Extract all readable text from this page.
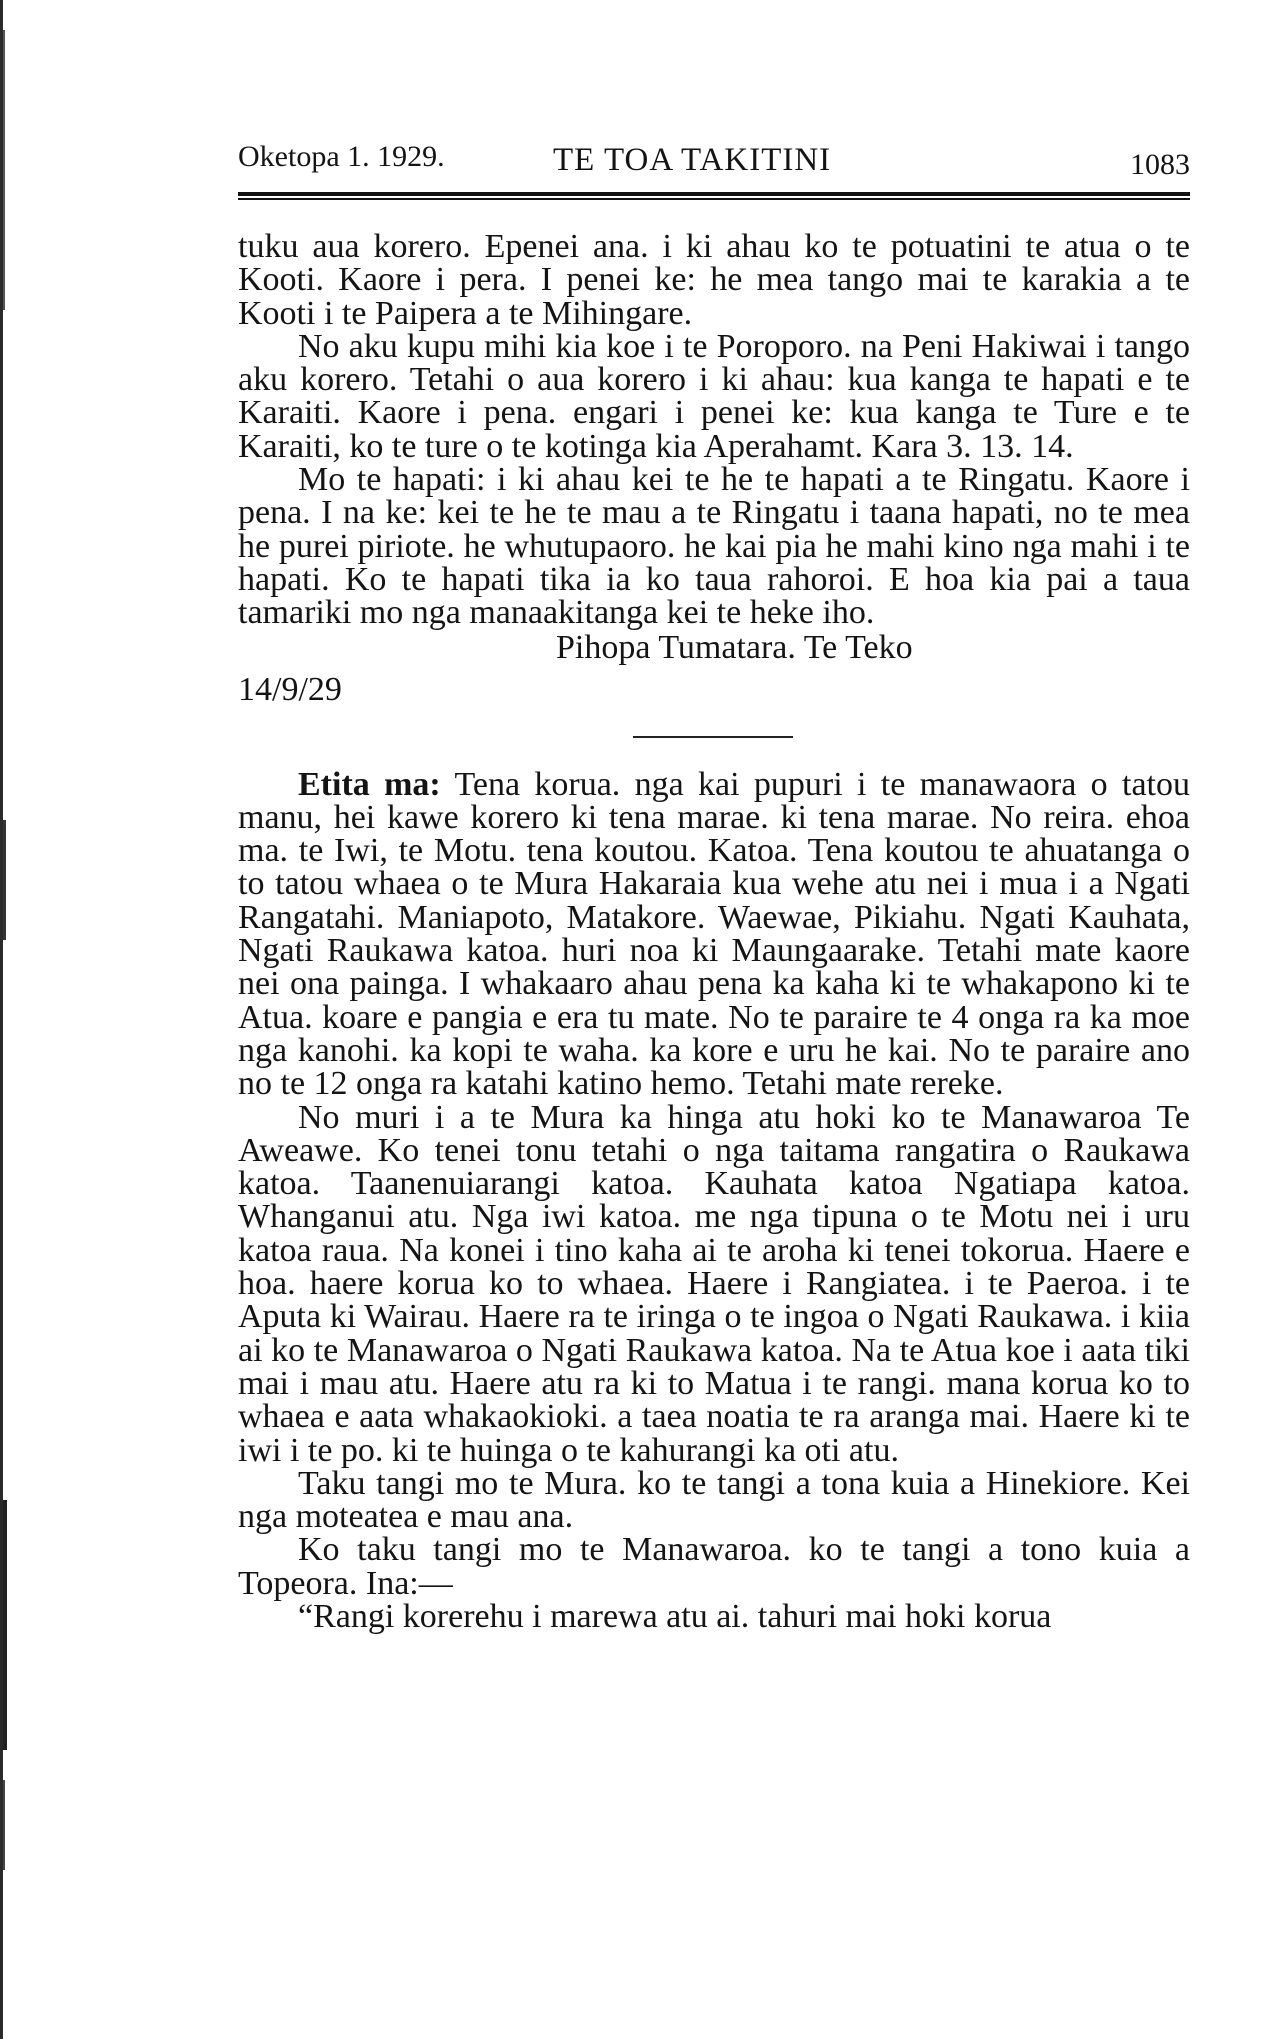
Oketopa 1. 1929.	TE TOA TAKITINI	1083

tuku aua korero. Epenei ana. i ki ahau ko te potuatini te atua o te Kooti. Kaore i pera. I penei ke: he mea tango mai te karakia a te Kooti i te Paipera a te Mihingare.

No aku kupu mihi kia koe i te Poroporo. na Peni Hakiwai i tango aku korero. Tetahi o aua korero i ki ahau: kua kanga te hapati e te Karaiti. Kaore i pena. engari i penei ke: kua kanga te Ture e te Karaiti, ko te ture o te kotinga kia Aperahamt. Kara 3. 13. 14.

Mo te hapati: i ki ahau kei te he te hapati a te Ringatu. Kaore i pena. I na ke: kei te he te mau a te Ringatu i taana hapati, no te mea he purei piriote. he whutupaoro. he kai pia he mahi kino nga mahi i te hapati. Ko te hapati tika ia ko taua rahoroi. E hoa kia pai a taua tamariki mo nga manaakitanga kei te heke iho.

Pihopa Tumatara. Te Teko

14/9/29

Etita ma: Tena korua. nga kai pupuri i te manawaora o tatou manu, hei kawe korero ki tena marae. ki tena marae. No reira. ehoa ma. te Iwi, te Motu. tena koutou. Katoa. Tena koutou te ahuatanga o to tatou whaea o te Mura Hakaraia kua wehe atu nei i mua i a Ngati Rangatahi. Maniapoto, Matakore. Waewae, Pikiahu. Ngati Kauhata, Ngati Raukawa katoa. huri noa ki Maungaarake. Tetahi mate kaore nei ona painga. I whakaaro ahau pena ka kaha ki te whakapono ki te Atua. koare e pangia e era tu mate. No te paraire te 4 onga ra ka moe nga kanohi. ka kopi te waha. ka kore e uru he kai. No te paraire ano no te 12 onga ra katahi katino hemo. Tetahi mate rereke.

No muri i a te Mura ka hinga atu hoki ko te Manawaroa Te Aweawe. Ko tenei tonu tetahi o nga taitama rangatira o Raukawa katoa. Taanenuiarangi katoa. Kauhata katoa Ngatiapa katoa. Whanganui atu. Nga iwi katoa. me nga tipuna o te Motu nei i uru katoa raua. Na konei i tino kaha ai te aroha ki tenei tokorua. Haere e hoa. haere korua ko to whaea. Haere i Rangiatea. i te Paeroa. i te Aputa ki Wairau. Haere ra te iringa o te ingoa o Ngati Raukawa. i kiia ai ko te Manawaroa o Ngati Raukawa katoa. Na te Atua koe i aata tiki mai i mau atu. Haere atu ra ki to Matua i te rangi. mana korua ko to whaea e aata whakaokioki. a taea noatia te ra aranga mai. Haere ki te iwi i te po. ki te huinga o te kahurangi ka oti atu.

Taku tangi mo te Mura. ko te tangi a tona kuia a Hinekiore. Kei nga moteatea e mau ana.

Ko taku tangi mo te Manawaroa. ko te tangi a tono kuia a Topeora. Ina:—

“Rangi korerehu i marewa atu ai. tahuri mai hoki korua
